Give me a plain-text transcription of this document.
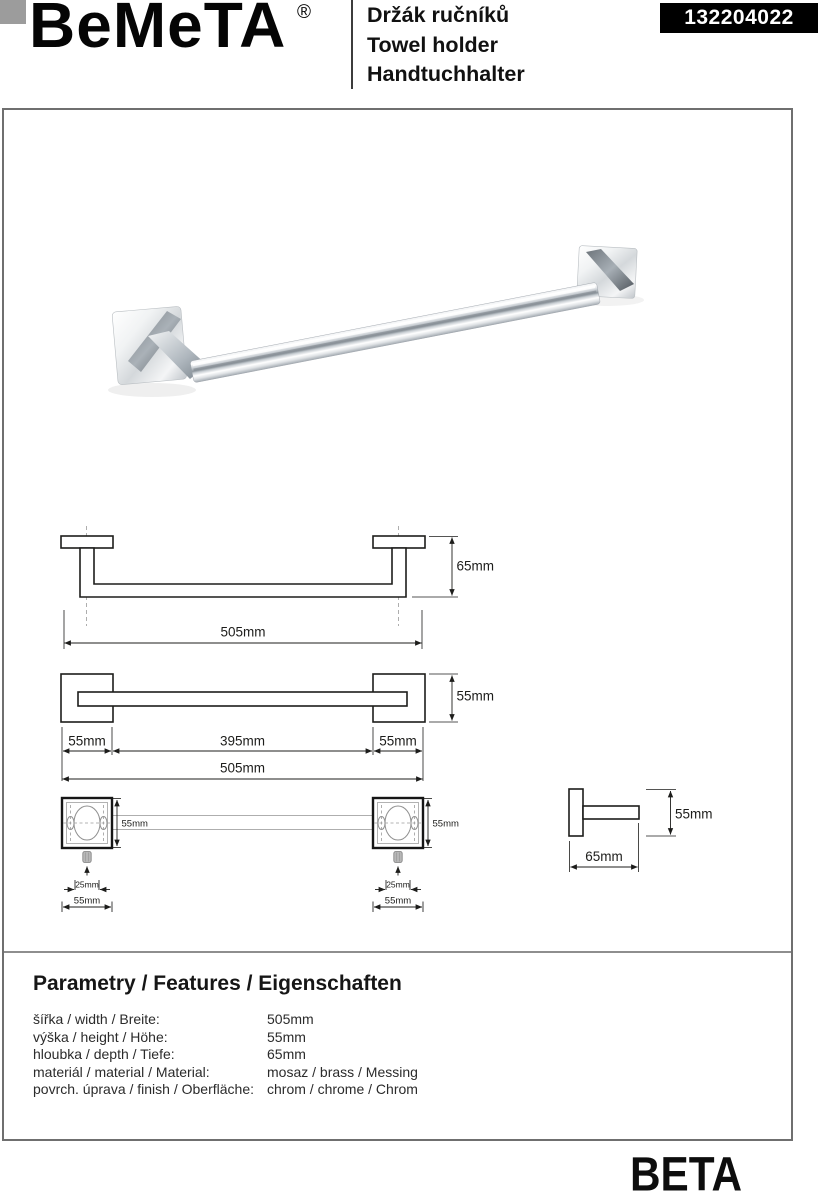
BeMeTA ®	Držák ručníků
Towel holder
Handtuchhalter
132204022
65mm
505mm
55mm
55mm	395mm	55mm
505mm
55mm
25mm
55mm
55mm
25mm
55mm
55mm
65mm
Parametry / Features / Eigenschaften
šířka / width / Breite:	505mm
výška / height / Höhe:	55mm
hloubka / depth / Tiefe:	65mm
materiál / material / Material:	mosaz / brass / Messing
povrch. úprava / finish / Oberfläche: chrom / chrome / Chrom
BETA
